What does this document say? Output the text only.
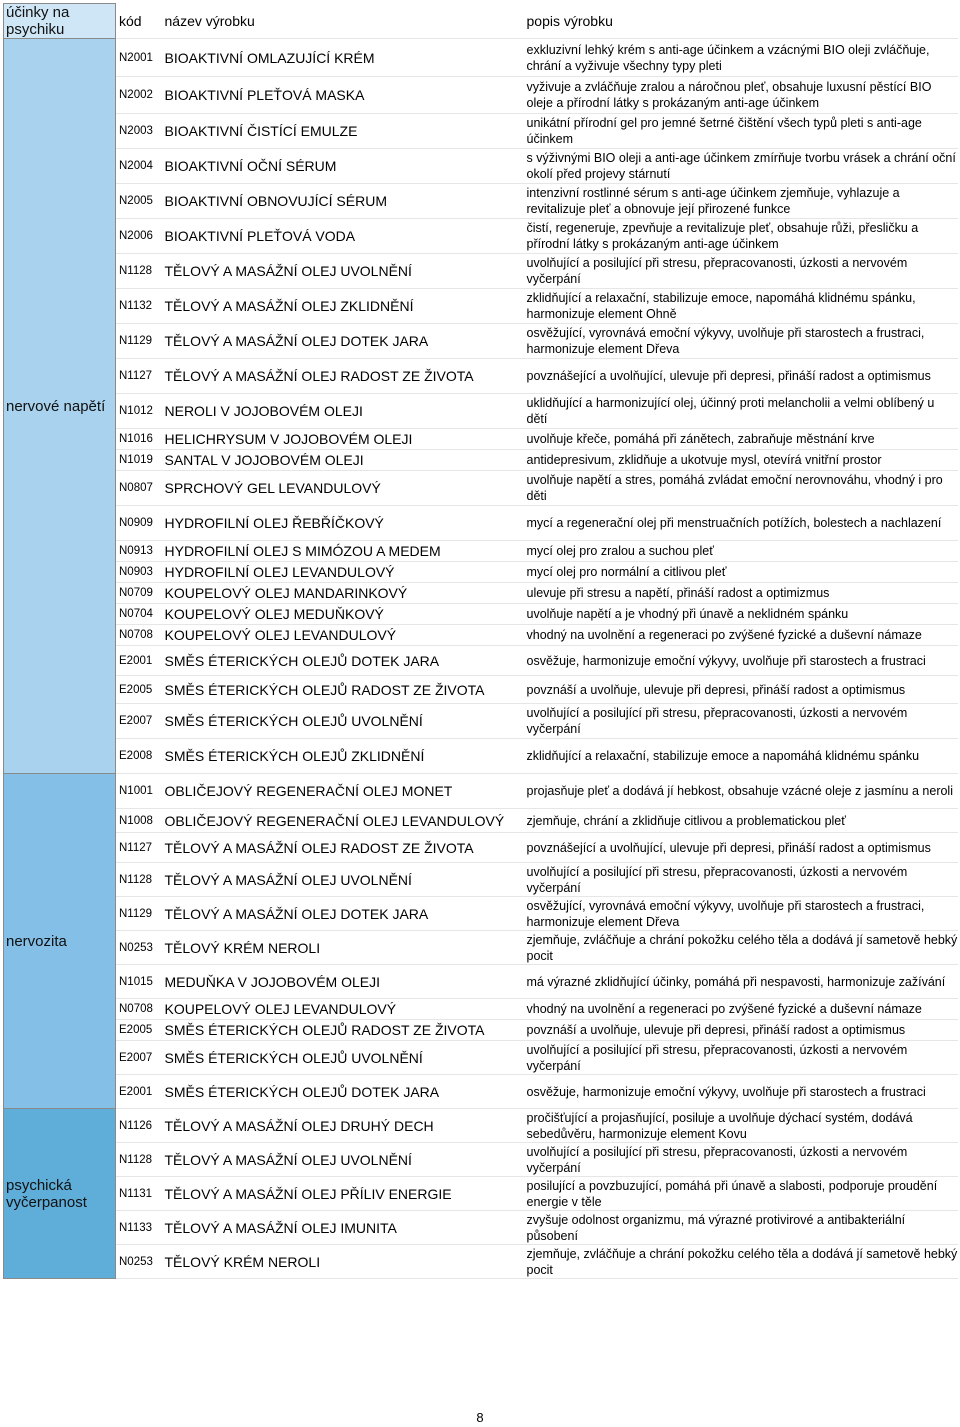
účinky na psychiku	kód	název výrobku	popis výrobku
nervové napětí	N2001	BIOAKTIVNÍ OMLAZUJÍCÍ KRÉM	exkluzivní lehký krém s anti-age účinkem a vzácnými BIO oleji zvláčňuje, chrání a vyživuje všechny typy pleti
	N2002	BIOAKTIVNÍ PLEŤOVÁ MASKA	vyživuje a zvláčňuje zralou a náročnou pleť, obsahuje luxusní pěstící BIO oleje a přírodní látky s prokázaným anti-age účinkem
	N2003	BIOAKTIVNÍ ČISTÍCÍ EMULZE	unikátní přírodní gel pro jemné šetrné čištění všech typů pleti s anti-age účinkem
	N2004	BIOAKTIVNÍ OČNÍ SÉRUM	s výživnými BIO oleji a anti-age účinkem zmírňuje tvorbu vrásek a chrání oční okolí před projevy stárnutí
	N2005	BIOAKTIVNÍ OBNOVUJÍCÍ SÉRUM	intenzivní rostlinné sérum s anti-age účinkem zjemňuje, vyhlazuje a revitalizuje pleť a obnovuje její přirozené funkce
	N2006	BIOAKTIVNÍ PLEŤOVÁ VODA	čistí, regeneruje, zpevňuje a revitalizuje pleť, obsahuje růži, přesličku a přírodní látky s prokázaným anti-age účinkem
	N1128	TĚLOVÝ A MASÁŽNÍ OLEJ UVOLNĚNÍ	uvolňující a posilující při stresu, přepracovanosti, úzkosti a nervovém vyčerpání
	N1132	TĚLOVÝ A MASÁŽNÍ OLEJ ZKLIDNĚNÍ	zklidňující a relaxační, stabilizuje emoce, napomáhá klidnému spánku, harmonizuje element Ohně
	N1129	TĚLOVÝ A MASÁŽNÍ OLEJ DOTEK JARA	osvěžující, vyrovnává emoční výkyvy, uvolňuje při starostech a frustraci, harmonizuje element Dřeva
	N1127	TĚLOVÝ A MASÁŽNÍ OLEJ RADOST ZE ŽIVOTA	povznášející a uvolňující, ulevuje při depresi, přináší radost a optimismus
	N1012	NEROLI V JOJOBOVÉM OLEJI	uklidňující a harmonizující olej, účinný proti melancholii a velmi oblíbený u dětí
	N1016	HELICHRYSUM V JOJOBOVÉM OLEJI	uvolňuje křeče, pomáhá při zánětech, zabraňuje městnání krve
	N1019	SANTAL V JOJOBOVÉM OLEJI	antidepresivum, zklidňuje a ukotvuje mysl, otevírá vnitřní prostor
	N0807	SPRCHOVÝ GEL LEVANDULOVÝ	uvolňuje napětí a stres, pomáhá zvládat emoční nerovnováhu, vhodný i pro děti
	N0909	HYDROFILNÍ OLEJ ŘEBŘÍČKOVÝ	mycí a regenerační olej při menstruačních potížích, bolestech a nachlazení
	N0913	HYDROFILNÍ OLEJ S MIMÓZOU A MEDEM	mycí olej pro zralou a suchou pleť
	N0903	HYDROFILNÍ OLEJ LEVANDULOVÝ	mycí olej pro normální a citlivou pleť
	N0709	KOUPELOVÝ OLEJ MANDARINKOVÝ	ulevuje při stresu a napětí, přináší radost a optimizmus
	N0704	KOUPELOVÝ OLEJ MEDUŇKOVÝ	uvolňuje napětí a je vhodný při únavě a neklidném spánku
	N0708	KOUPELOVÝ OLEJ LEVANDULOVÝ	vhodný na uvolnění a regeneraci po zvýšené fyzické a duševní námaze
	E2001	SMĚS ÉTERICKÝCH OLEJŮ DOTEK JARA	osvěžuje, harmonizuje emoční výkyvy, uvolňuje při starostech a frustraci
	E2005	SMĚS ÉTERICKÝCH OLEJŮ RADOST ZE ŽIVOTA	povznáší a uvolňuje, ulevuje při depresi, přináší radost a optimismus
	E2007	SMĚS ÉTERICKÝCH OLEJŮ UVOLNĚNÍ	uvolňující a posilující při stresu, přepracovanosti, úzkosti a nervovém vyčerpání
	E2008	SMĚS ÉTERICKÝCH OLEJŮ ZKLIDNĚNÍ	zklidňující a relaxační, stabilizuje emoce a napomáhá klidnému spánku
nervozita	N1001	OBLIČEJOVÝ REGENERAČNÍ OLEJ MONET	projasňuje pleť a dodává jí hebkost, obsahuje vzácné oleje z jasmínu a neroli
	N1008	OBLIČEJOVÝ REGENERAČNÍ OLEJ LEVANDULOVÝ	zjemňuje, chrání a zklidňuje citlivou a problematickou pleť
	N1127	TĚLOVÝ A MASÁŽNÍ OLEJ RADOST ZE ŽIVOTA	povznášející a uvolňující, ulevuje při depresi, přináší radost a optimismus
	N1128	TĚLOVÝ A MASÁŽNÍ OLEJ UVOLNĚNÍ	uvolňující a posilující při stresu, přepracovanosti, úzkosti a nervovém vyčerpání
	N1129	TĚLOVÝ A MASÁŽNÍ OLEJ DOTEK JARA	osvěžující, vyrovnává emoční výkyvy, uvolňuje při starostech a frustraci, harmonizuje element Dřeva
	N0253	TĚLOVÝ KRÉM NEROLI	zjemňuje, zvláčňuje a chrání pokožku celého těla a dodává jí sametově hebký pocit
	N1015	MEDUŇKA V JOJOBOVÉM OLEJI	má výrazné zklidňující účinky, pomáhá při nespavosti, harmonizuje zažívání
	N0708	KOUPELOVÝ OLEJ LEVANDULOVÝ	vhodný na uvolnění a regeneraci po zvýšené fyzické a duševní námaze
	E2005	SMĚS ÉTERICKÝCH OLEJŮ RADOST ZE ŽIVOTA	povznáší a uvolňuje, ulevuje při depresi, přináší radost a optimismus
	E2007	SMĚS ÉTERICKÝCH OLEJŮ UVOLNĚNÍ	uvolňující a posilující při stresu, přepracovanosti, úzkosti a nervovém vyčerpání
	E2001	SMĚS ÉTERICKÝCH OLEJŮ DOTEK JARA	osvěžuje, harmonizuje emoční výkyvy, uvolňuje při starostech a frustraci
psychická vyčerpanost	N1126	TĚLOVÝ A MASÁŽNÍ OLEJ DRUHÝ DECH	pročišťující a projasňující, posiluje a uvolňuje dýchací systém, dodává sebedůvěru, harmonizuje element Kovu
	N1128	TĚLOVÝ A MASÁŽNÍ OLEJ UVOLNĚNÍ	uvolňující a posilující při stresu, přepracovanosti, úzkosti a nervovém vyčerpání
	N1131	TĚLOVÝ A MASÁŽNÍ OLEJ PŘÍLIV ENERGIE	posilující a povzbuzující, pomáhá při únavě a slabosti, podporuje proudění energie v těle
	N1133	TĚLOVÝ A MASÁŽNÍ OLEJ IMUNITA	zvyšuje odolnost organizmu, má výrazné protivirové a antibakteriální působení
	N0253	TĚLOVÝ KRÉM NEROLI	zjemňuje, zvláčňuje a chrání pokožku celého těla a dodává jí sametově hebký pocit
8
